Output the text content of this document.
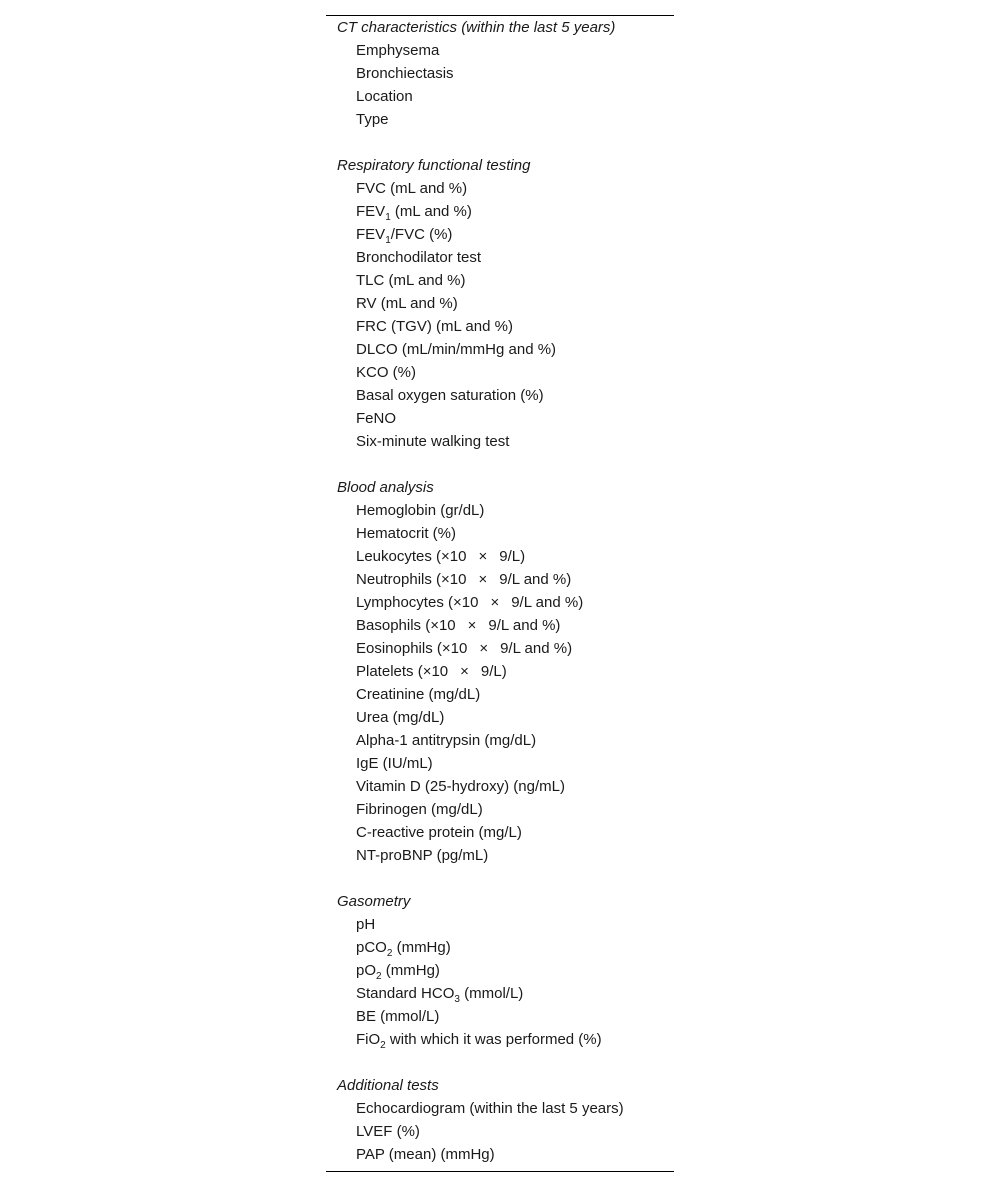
CT characteristics (within the last 5 years)
Emphysema
Bronchiectasis
Location
Type
Respiratory functional testing
FVC (mL and %)
$FEV_1$ (mL and %)
$FEV_1$/FVC (%)
Bronchodilator test
TLC (mL and %)
RV (mL and %)
FRC (TGV) (mL and %)
DLCO (mL/min/mmHg and %)
KCO (%)
Basal oxygen saturation (%)
FeNO
Six-minute walking test
Blood analysis
Hemoglobin (gr/dL)
Hematocrit (%)
Leukocytes (×10 × 9/L)
Neutrophils (×10 × 9/L and %)
Lymphocytes (×10 × 9/L and %)
Basophils (×10 × 9/L and %)
Eosinophils (×10 × 9/L and %)
Platelets (×10 × 9/L)
Creatinine (mg/dL)
Urea (mg/dL)
Alpha-1 antitrypsin (mg/dL)
IgE (IU/mL)
Vitamin D (25-hydroxy) (ng/mL)
Fibrinogen (mg/dL)
C-reactive protein (mg/L)
NT-proBNP (pg/mL)
Gasometry
pH
pCO$_2$ (mmHg)
$pO_2$ (mmHg)
Standard $HCO_3$ (mmol/L)
BE (mmol/L)
FiO$_2$ with which it was performed (%)
Additional tests
Echocardiogram (within the last 5 years)
LVEF (%)
PAP (mean) (mmHg)
